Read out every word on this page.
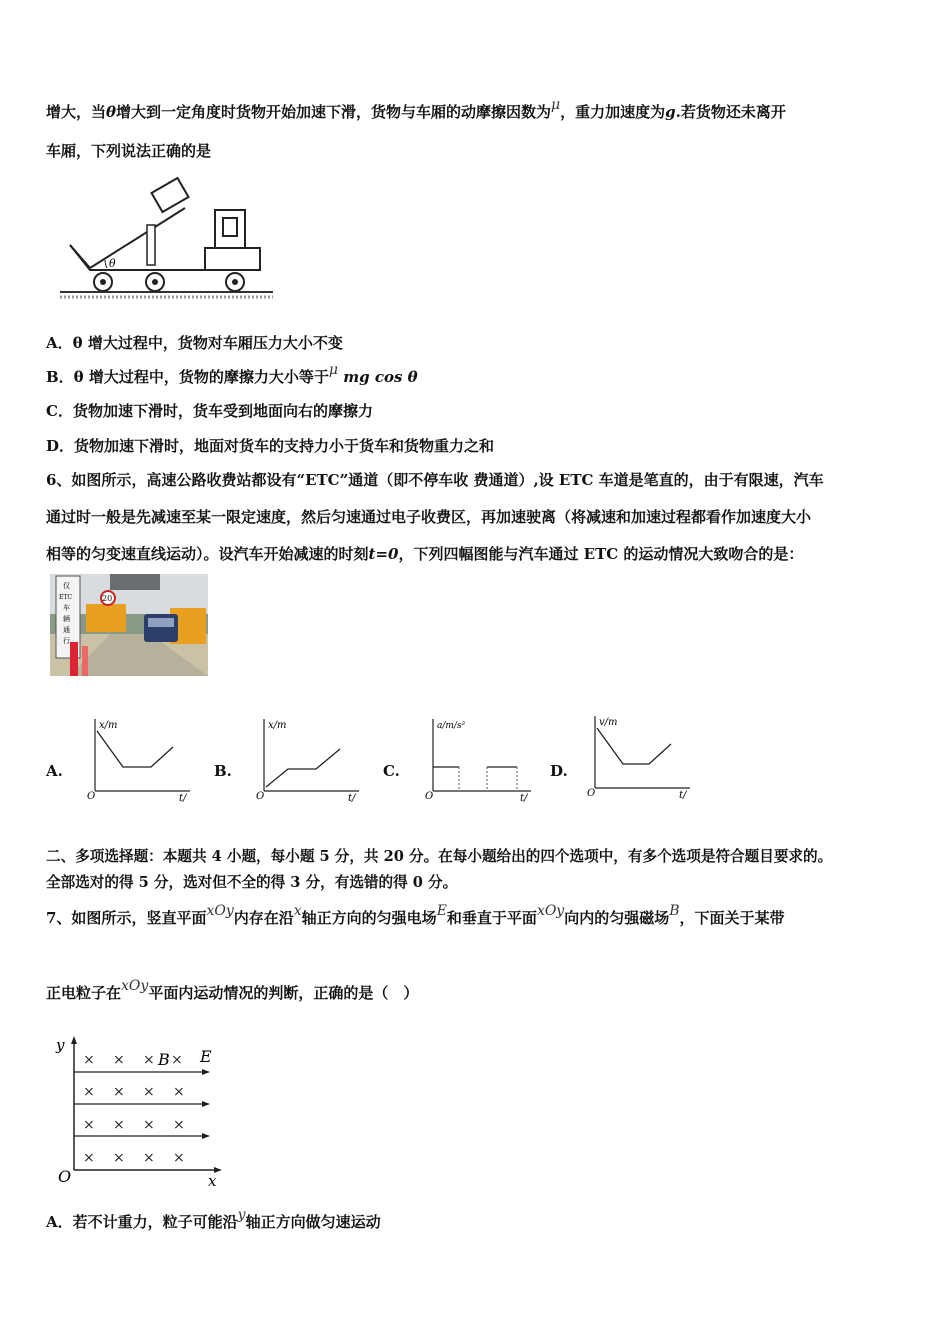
增大，当θ增大到一定角度时货物开始加速下滑，货物与车厢的动摩擦因数为μ，重力加速度为g.若货物还未离开
车厢，下列说法正确的是
θ
A．θ 增大过程中，货物对车厢压力大小不变
B．θ 增大过程中，货物的摩擦力大小等于μ mg cos θ
C．货物加速下滑时，货车受到地面向右的摩擦力
D．货物加速下滑时，地面对货车的支持力小于货车和货物重力之和
6、如图所示，高速公路收费站都设有“ETC”通道（即不停车收 费通道）,设 ETC 车道是笔直的，由于有限速，汽车
通过时一般是先减速至某一限定速度，然后匀速通过电子收费区，再加速驶离（将减速和加速过程都看作加速度大小
相等的匀变速直线运动）。设汽车开始减速的时刻t=0，下列四幅图能与汽车通过 ETC 的运动情况大致吻合的是：
20
仅
ETC
车
辆
通
行
A.
x/m
t/
O
B.
x/m
t/
O
C.
a/m/s²
t/
O
D.
v/m
t/
O
二、多项选择题：本题共 4 小题，每小题 5 分，共 20 分。在每小题给出的四个选项中，有多个选项是符合题目要求的。
全部选对的得 5 分，选对但不全的得 3 分，有选错的得 0 分。
7、如图所示，竖直平面xOy内存在沿x轴正方向的匀强电场E和垂直于平面xOy向内的匀强磁场B，下面关于某带
正电粒子在xOy平面内运动情况的判断，正确的是（　）
× × × ×
× × × ×
× × × ×
× × × ×
B E
y
x
O
A．若不计重力，粒子可能沿y轴正方向做匀速运动
